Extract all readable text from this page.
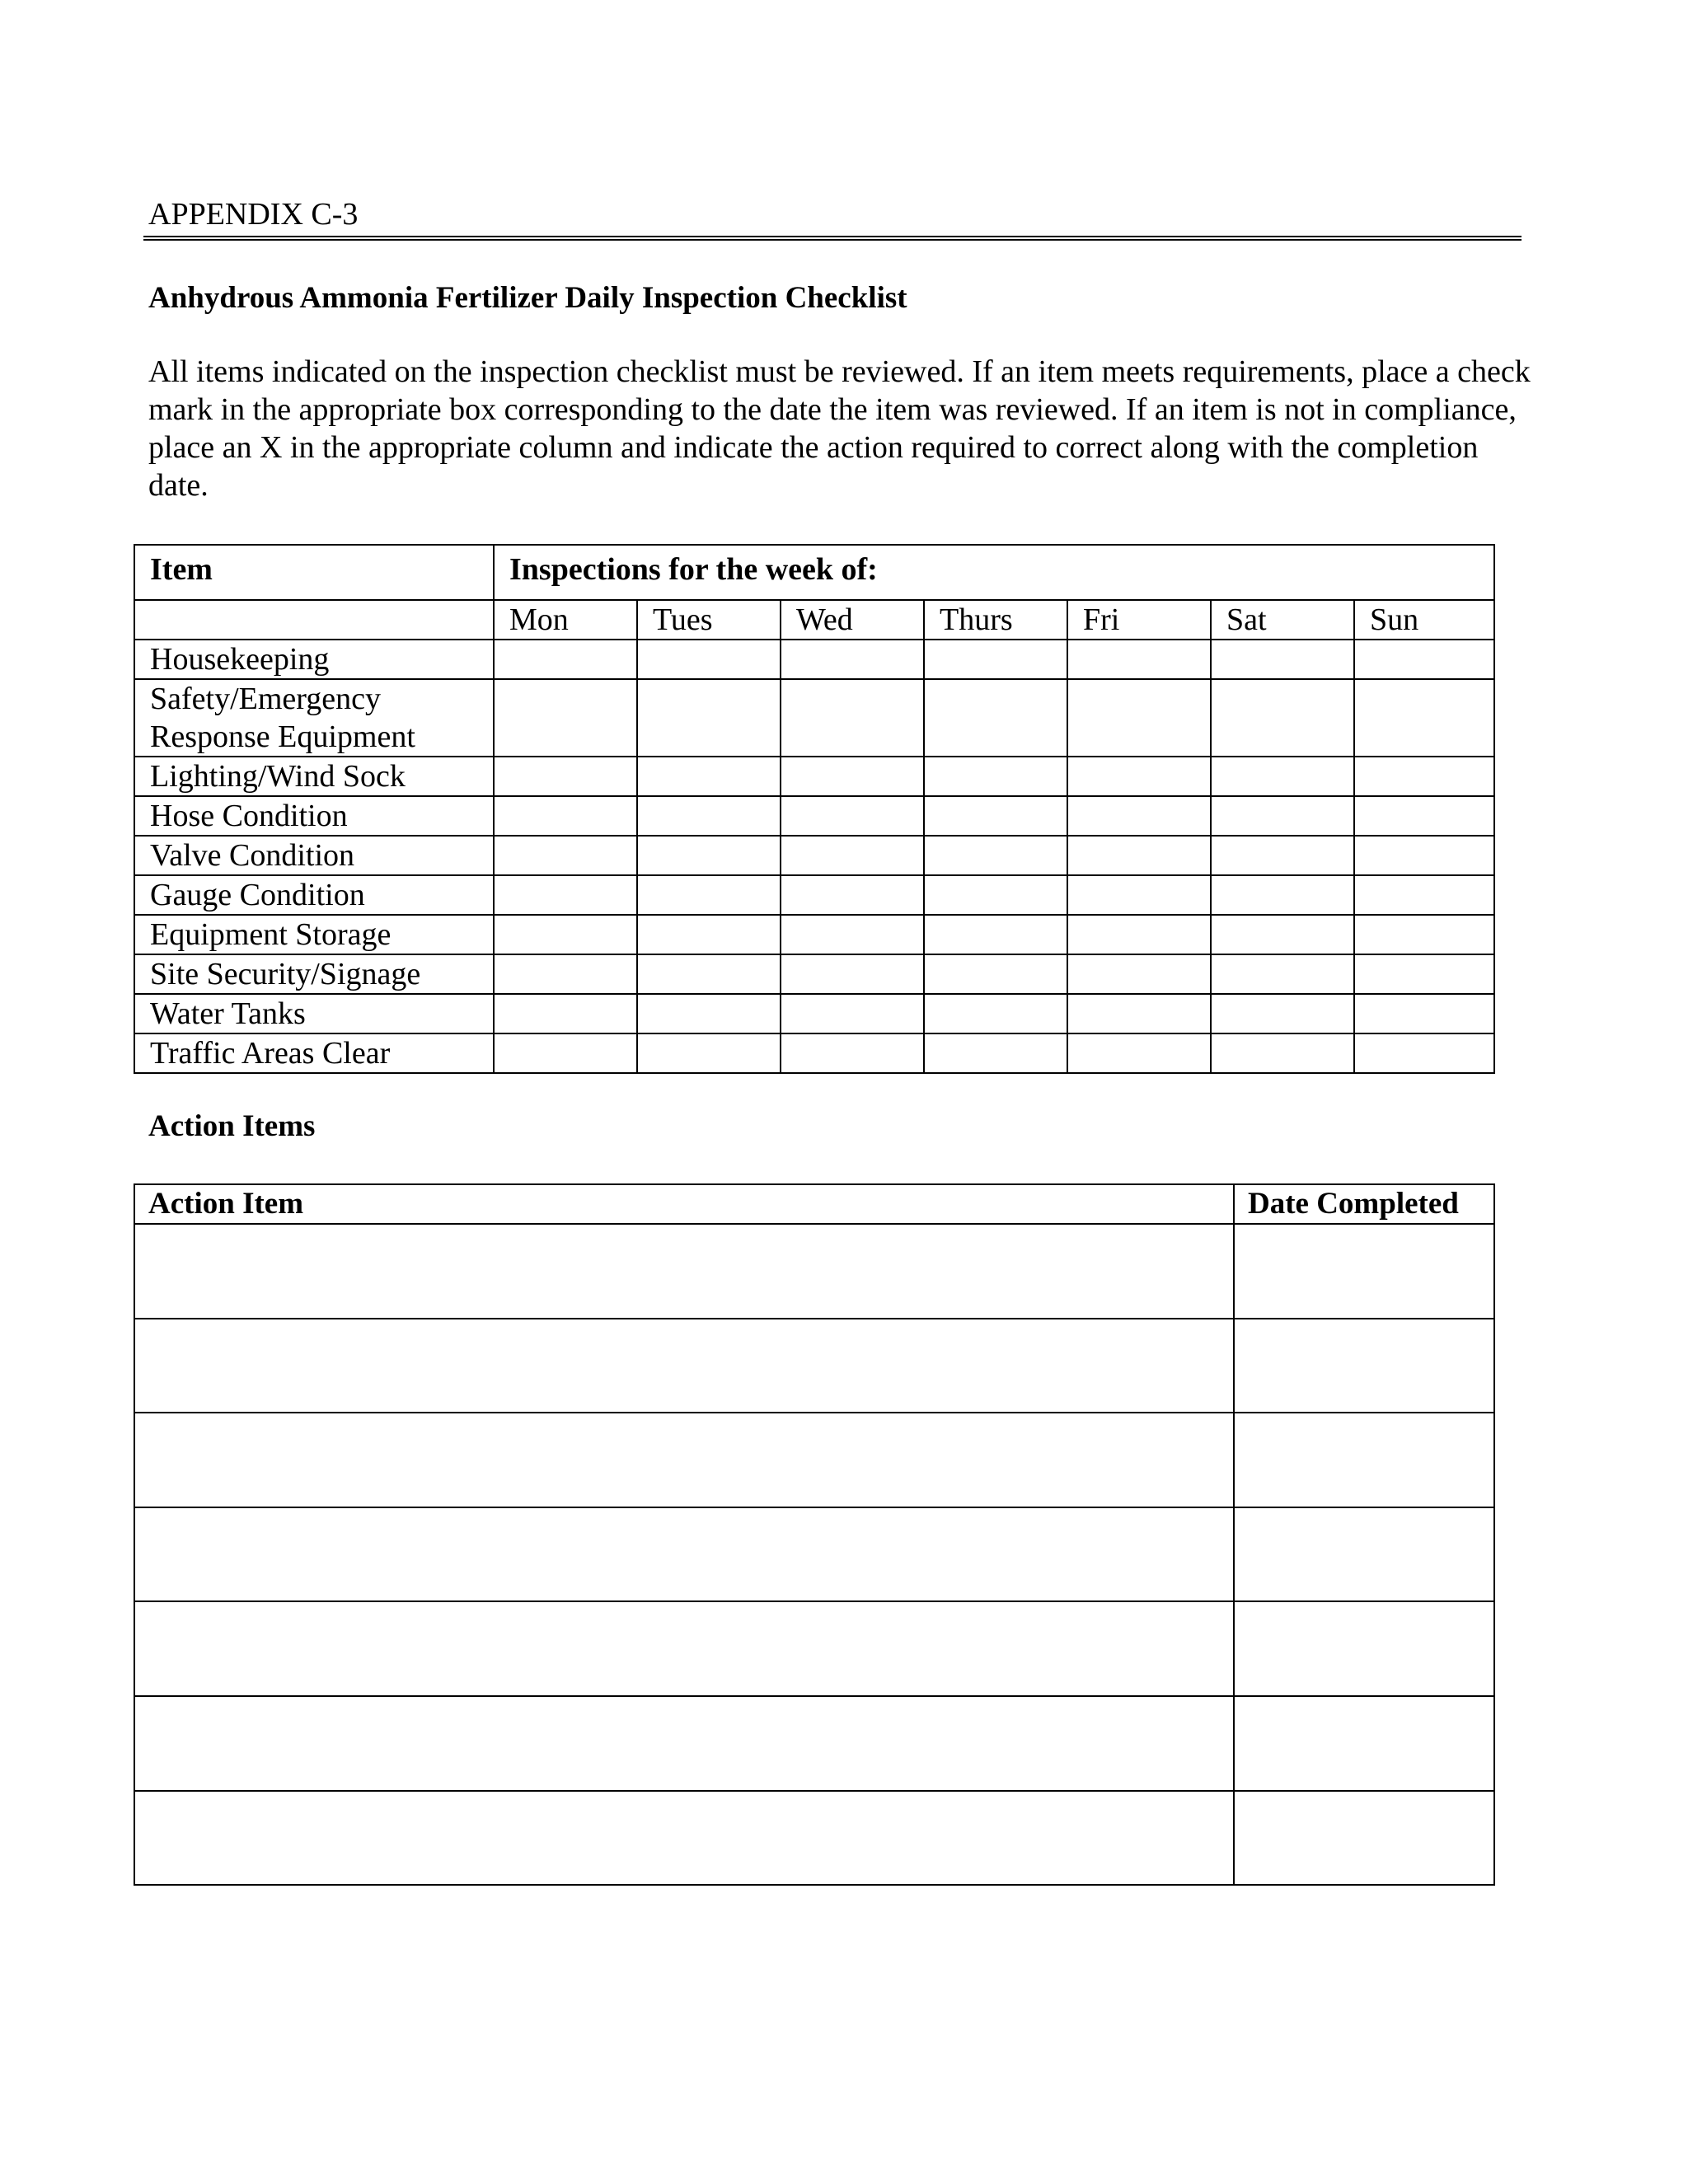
APPENDIX C-3
Anhydrous Ammonia Fertilizer Daily Inspection Checklist

All items indicated on the inspection checklist must be reviewed. If an item meets requirements, place a check mark in the appropriate box corresponding to the date the item was reviewed. If an item is not in compliance, place an X in the appropriate column and indicate the action required to correct along with the completion date.

Item	Inspections for the week of:						
	Mon	Tues	Wed	Thurs	Fri	Sat	Sun
Housekeeping							
Safety/Emergency Response Equipment							
Lighting/Wind Sock							
Hose Condition							
Valve Condition							
Gauge Condition							
Equipment Storage							
Site Security/Signage							
Water Tanks							
Traffic Areas Clear							
Action Items
Action Item	Date Completed
